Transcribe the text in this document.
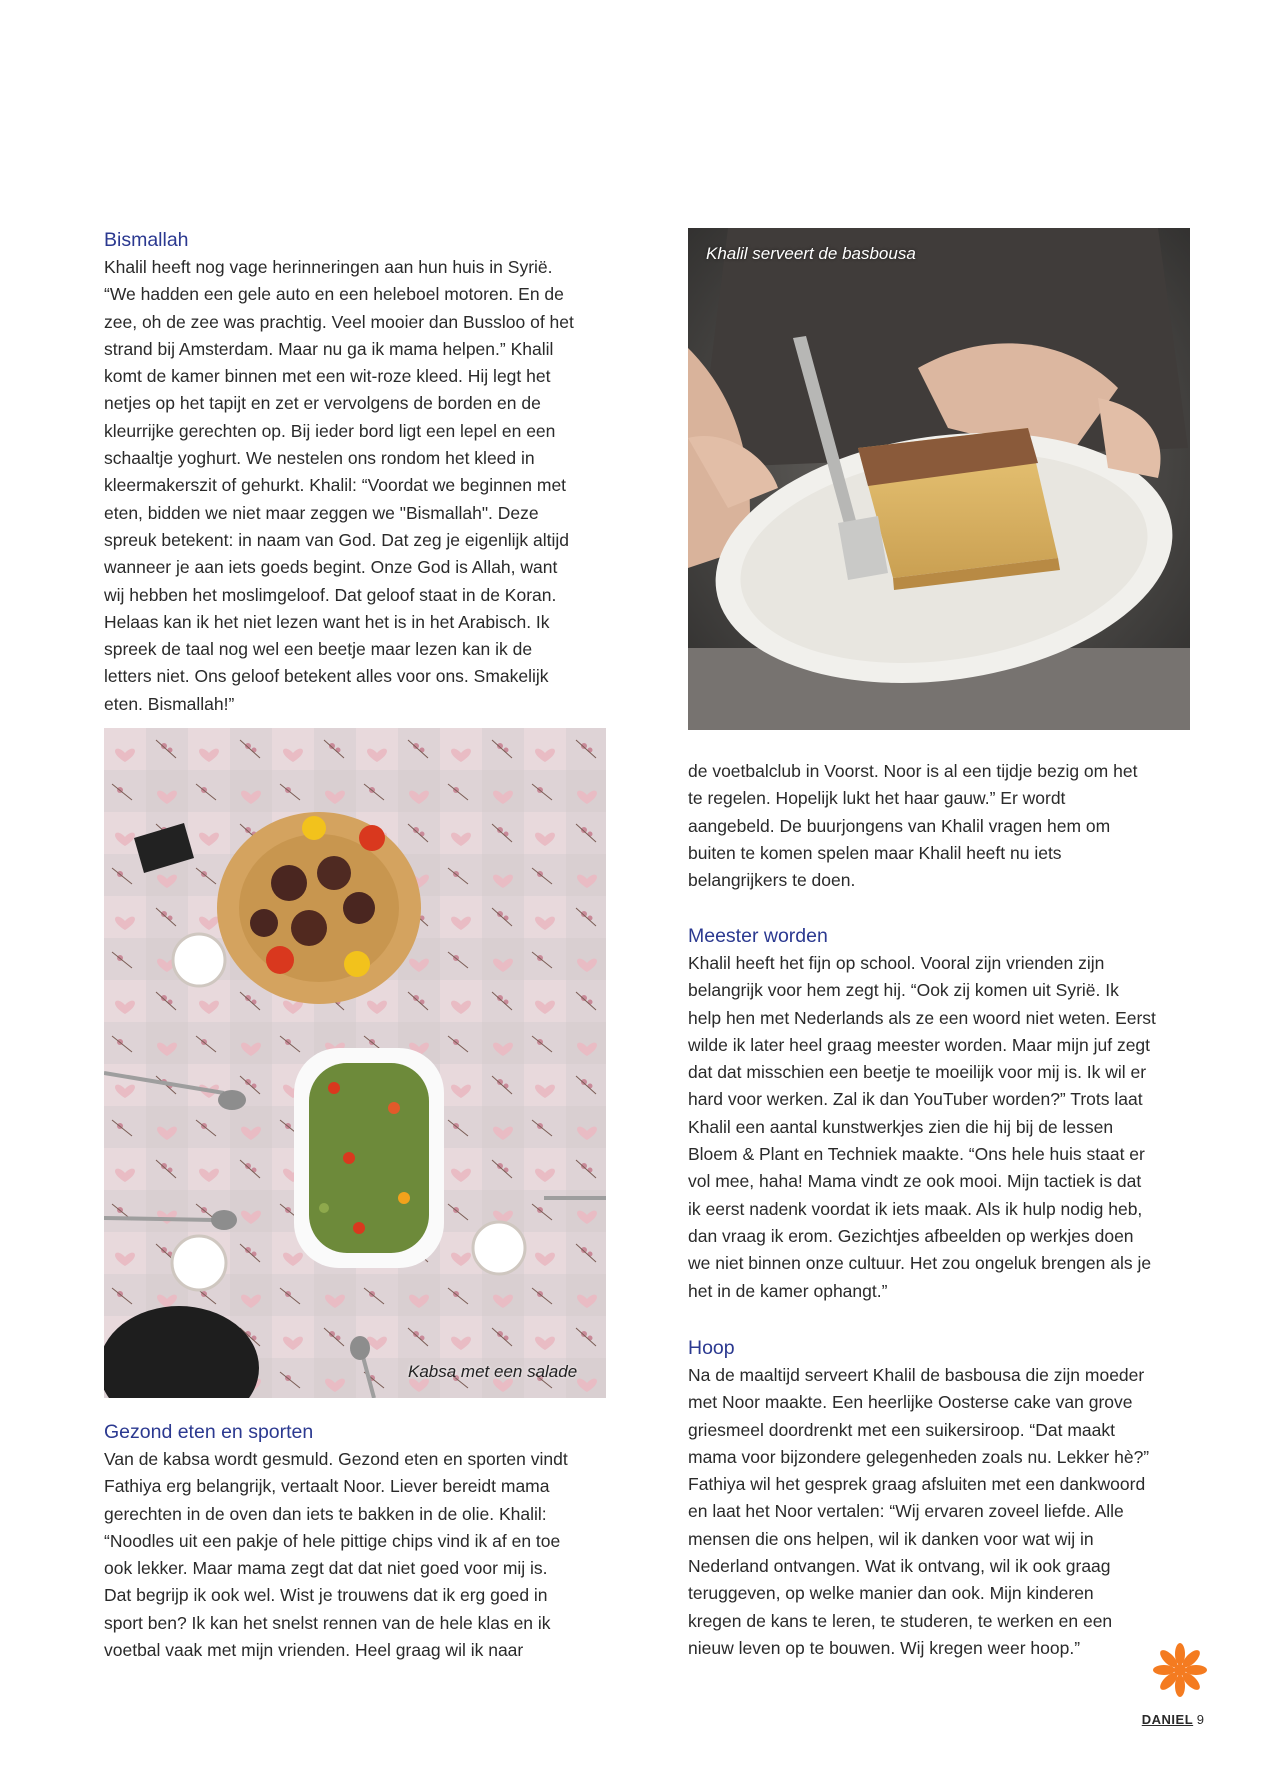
Bismallah

Khalil heeft nog vage herinneringen aan hun huis in Syrië.
“We hadden een gele auto en een heleboel motoren. En de
zee, oh de zee was prachtig. Veel mooier dan Bussloo of het
strand bij Amsterdam. Maar nu ga ik mama helpen.” Khalil
komt de kamer binnen met een wit-roze kleed. Hij legt het
netjes op het tapijt en zet er vervolgens de borden en de
kleurrijke gerechten op. Bij ieder bord ligt een lepel en een
schaaltje yoghurt. We nestelen ons rondom het kleed in
kleermakerszit of gehurkt. Khalil: “Voordat we beginnen met
eten, bidden we niet maar zeggen we "Bismallah". Deze
spreuk betekent: in naam van God. Dat zeg je eigenlijk altijd
wanneer je aan iets goeds begint. Onze God is Allah, want
wij hebben het moslimgeloof. Dat geloof staat in de Koran.
Helaas kan ik het niet lezen want het is in het Arabisch. Ik
spreek de taal nog wel een beetje maar lezen kan ik de
letters niet. Ons geloof betekent alles voor ons. Smakelijk
eten. Bismallah!”

Khalil serveert de basbousa
Kabsa met een salade
Gezond eten en sporten

Van de kabsa wordt gesmuld. Gezond eten en sporten vindt
Fathiya erg belangrijk, vertaalt Noor. Liever bereidt mama
gerechten in de oven dan iets te bakken in de olie. Khalil:
“Noodles uit een pakje of hele pittige chips vind ik af en toe
ook lekker. Maar mama zegt dat dat niet goed voor mij is.
Dat begrijp ik ook wel. Wist je trouwens dat ik erg goed in
sport ben? Ik kan het snelst rennen van de hele klas en ik
voetbal vaak met mijn vrienden. Heel graag wil ik naar

de voetbalclub in Voorst. Noor is al een tijdje bezig om het
te regelen. Hopelijk lukt het haar gauw.” Er wordt
aangebeld. De buurjongens van Khalil vragen hem om
buiten te komen spelen maar Khalil heeft nu iets
belangrijkers te doen.

Meester worden

Khalil heeft het fijn op school. Vooral zijn vrienden zijn
belangrijk voor hem zegt hij. “Ook zij komen uit Syrië. Ik
help hen met Nederlands als ze een woord niet weten. Eerst
wilde ik later heel graag meester worden. Maar mijn juf zegt
dat dat misschien een beetje te moeilijk voor mij is. Ik wil er
hard voor werken. Zal ik dan YouTuber worden?” Trots laat
Khalil een aantal kunstwerkjes zien die hij bij de lessen
Bloem & Plant en Techniek maakte. “Ons hele huis staat er
vol mee, haha! Mama vindt ze ook mooi. Mijn tactiek is dat
ik eerst nadenk voordat ik iets maak. Als ik hulp nodig heb,
dan vraag ik erom. Gezichtjes afbeelden op werkjes doen
we niet binnen onze cultuur. Het zou ongeluk brengen als je
het in de kamer ophangt.”

Hoop

Na de maaltijd serveert Khalil de basbousa die zijn moeder
met Noor maakte. Een heerlijke Oosterse cake van grove
griesmeel doordrenkt met een suikersiroop. “Dat maakt
mama voor bijzondere gelegenheden zoals nu. Lekker hè?”
Fathiya wil het gesprek graag afsluiten met een dankwoord
en laat het Noor vertalen: “Wij ervaren zoveel liefde. Alle
mensen die ons helpen, wil ik danken voor wat wij in
Nederland ontvangen. Wat ik ontvang, wil ik ook graag
teruggeven, op welke manier dan ook. Mijn kinderen
kregen de kans te leren, te studeren, te werken en een
nieuw leven op te bouwen. Wij kregen weer hoop.”

DANIEL 9
